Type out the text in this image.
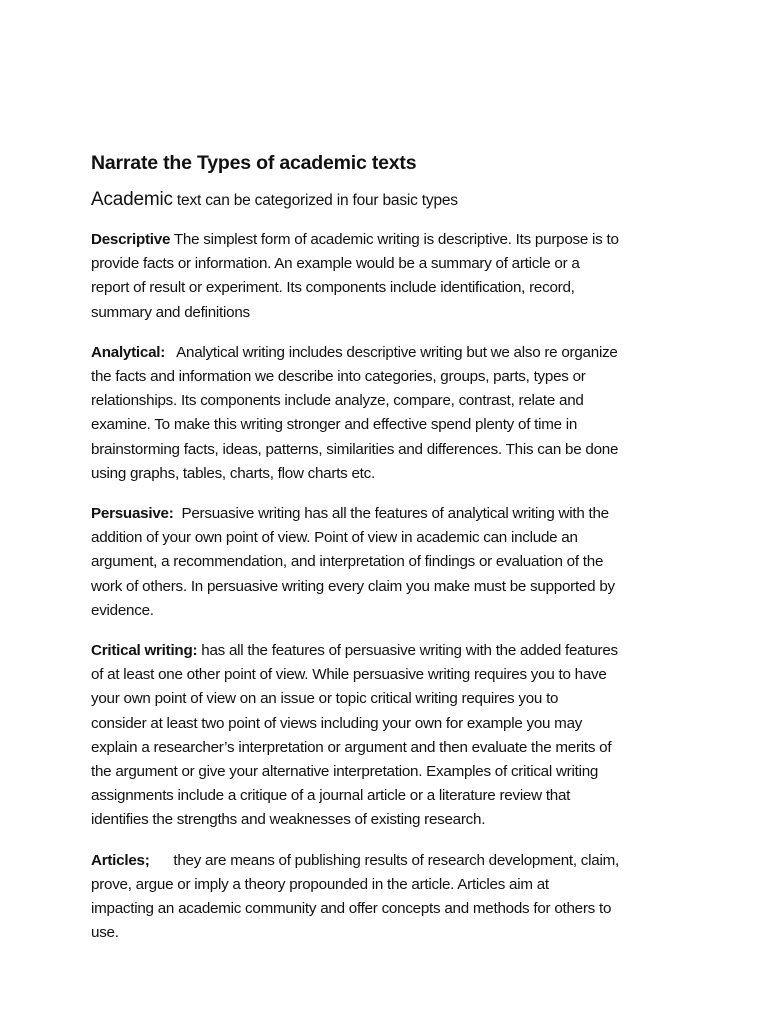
Narrate the Types of academic texts

Academic text can be categorized in four basic types

Descriptive The simplest form of academic writing is descriptive. Its purpose is to
provide facts or information. An example would be a summary of article or a
report of result or experiment. Its components include identification, record,
summary and definitions

Analytical: Analytical writing includes descriptive writing but we also re organize
the facts and information we describe into categories, groups, parts, types or
relationships. Its components include analyze, compare, contrast, relate and
examine. To make this writing stronger and effective spend plenty of time in
brainstorming facts, ideas, patterns, similarities and differences. This can be done
using graphs, tables, charts, flow charts etc.

Persuasive: Persuasive writing has all the features of analytical writing with the
addition of your own point of view. Point of view in academic can include an
argument, a recommendation, and interpretation of findings or evaluation of the
work of others. In persuasive writing every claim you make must be supported by
evidence.

Critical writing: has all the features of persuasive writing with the added features
of at least one other point of view. While persuasive writing requires you to have
your own point of view on an issue or topic critical writing requires you to
consider at least two point of views including your own for example you may
explain a researcher’s interpretation or argument and then evaluate the merits of
the argument or give your alternative interpretation. Examples of critical writing
assignments include a critique of a journal article or a literature review that
identifies the strengths and weaknesses of existing research.

Articles; they are means of publishing results of research development, claim,
prove, argue or imply a theory propounded in the article. Articles aim at
impacting an academic community and offer concepts and methods for others to
use.
